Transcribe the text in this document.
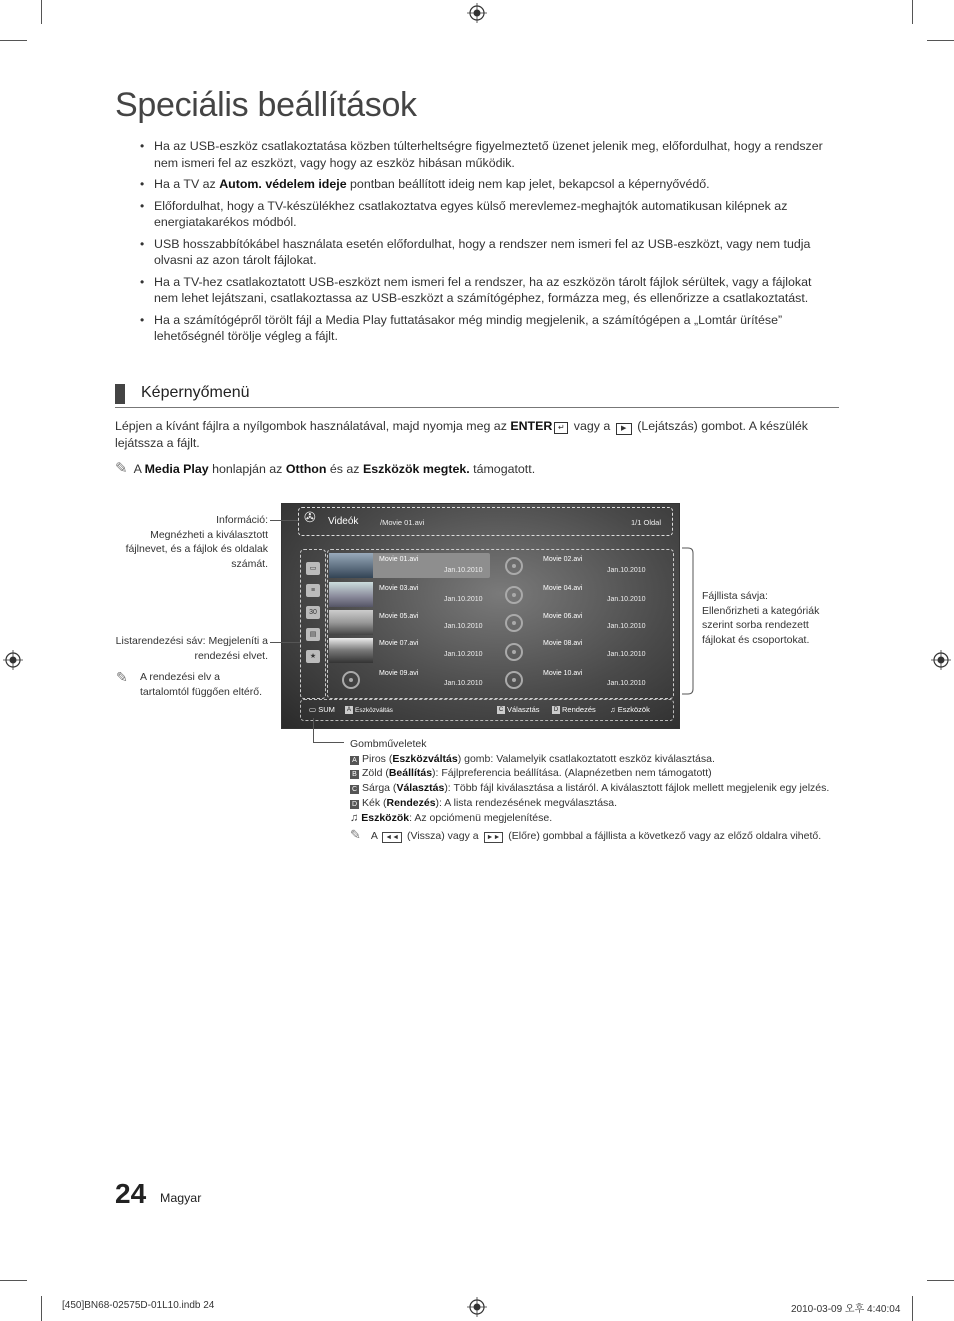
Speciális beállítások
• Ha az USB-eszköz csatlakoztatása közben túlterheltségre figyelmeztető üzenet jelenik meg, előfordulhat, hogy a rendszer nem ismeri fel az eszközt, vagy hogy az eszköz hibásan működik.
• Ha a TV az Autom. védelem ideje pontban beállított ideig nem kap jelet, bekapcsol a képernyővédő.
• Előfordulhat, hogy a TV-készülékhez csatlakoztatva egyes külső merevlemez-meghajtók automatikusan kilépnek az energiatakarékos módból.
• USB hosszabbítókábel használata esetén előfordulhat, hogy a rendszer nem ismeri fel az USB-eszközt, vagy nem tudja olvasni az azon tárolt fájlokat.
• Ha a TV-hez csatlakoztatott USB-eszközt nem ismeri fel a rendszer, ha az eszközön tárolt fájlok sérültek, vagy a fájlokat nem lehet lejátszani, csatlakoztassa az USB-eszközt a számítógéphez, formázza meg, és ellenőrizze a csatlakoztatást.
• Ha a számítógépről törölt fájl a Media Play futtatásakor még mindig megjelenik, a számítógépen a „Lomtár ürítése” lehetőségnél törölje végleg a fájlt.
Képernyőmenü
Lépjen a kívánt fájlra a nyílgombok használatával, majd nyomja meg az ENTER ↵ vagy a ▶ (Lejátszás) gombot. A készülék lejátssza a fájlt.
✎ A Media Play honlapján az Otthon és az Eszközök megtek. támogatott.
✇	Videók	/Movie 01.avi	1/1 Oldal
▭
≡
30
▤
★
Movie 01.avi
Jan.10.2010
Movie 02.avi
Jan.10.2010
Movie 03.avi
Jan.10.2010
Movie 04.avi
Jan.10.2010
Movie 05.avi
Jan.10.2010
Movie 06.avi
Jan.10.2010
Movie 07.avi
Jan.10.2010
Movie 08.avi
Jan.10.2010
Movie 09.avi
Jan.10.2010
Movie 10.avi
Jan.10.2010
▭ SUM	A Eszközváltás	C Választás	D Rendezés ♫ Eszközök
Információ:
Megnézheti a kiválasztott fájlnevet, és a fájlok és oldalak számát.
Listarendezési sáv: Megjeleníti a rendezési elvet.
✎	A rendezési elv a tartalomtól függően eltérő.
Fájllista sávja:
Ellenőrizheti a kategóriák szerint sorba rendezett fájlokat és csoportokat.
Gombműveletek
A Piros (Eszközváltás) gomb: Valamelyik csatlakoztatott eszköz kiválasztása.
B Zöld (Beállítás): Fájlpreferencia beállítása. (Alapnézetben nem támogatott)
C Sárga (Választás): Több fájl kiválasztása a listáról. A kiválasztott fájlok mellett megjelenik egy jelzés.
D Kék (Rendezés): A lista rendezésének megválasztása.
♫ Eszközök: Az opciómenü megjelenítése.
✎ A ◄◄ (Vissza) vagy a ►► (Előre) gombbal a fájllista a következő vagy az előző oldalra vihető.
24 Magyar
[450]BN68-02575D-01L10.indb 24	2010-03-09 오후 4:40:04
